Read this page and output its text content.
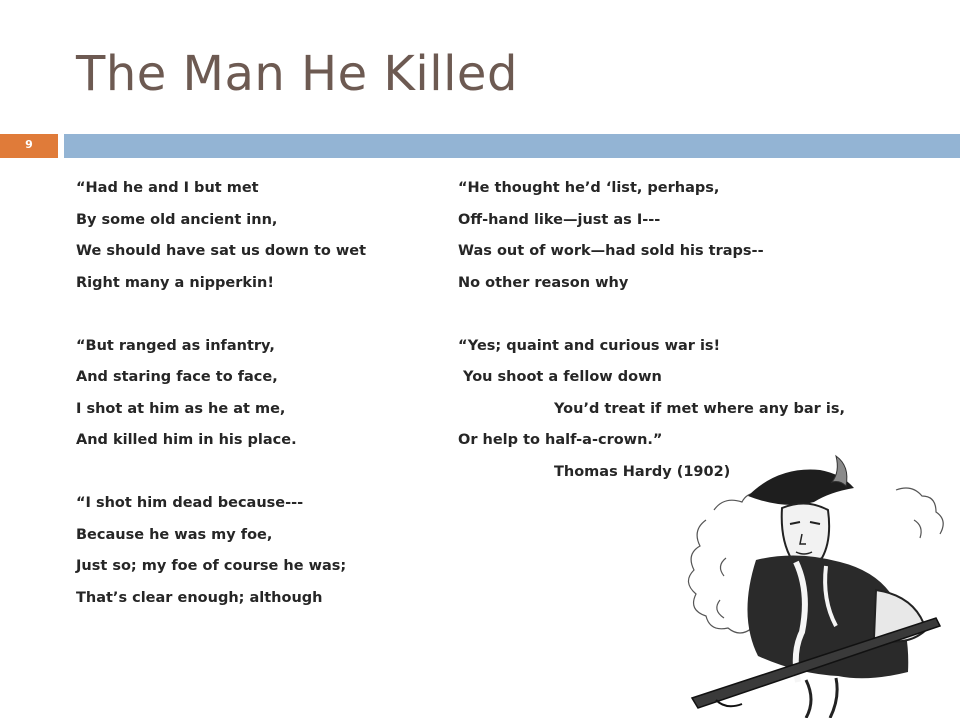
The Man He Killed
9
“Had he and I but met
By some old ancient inn,
We should have sat us down to wet
Right many a nipperkin!
“But ranged as infantry,
And staring face to face,
I shot at him as he at me,
And killed him in his place.
“I shot him dead because---
Because he was my foe,
Just so; my foe of course he was;
That’s clear enough; although
“He thought he’d ‘list, perhaps,
Off-hand like—just as I---
Was out of work—had sold his traps--
No other reason why
“Yes; quaint and curious war is!
You shoot a fellow down
You’d treat if met where any bar is,
Or help to half-a-crown.”
Thomas Hardy (1902)
